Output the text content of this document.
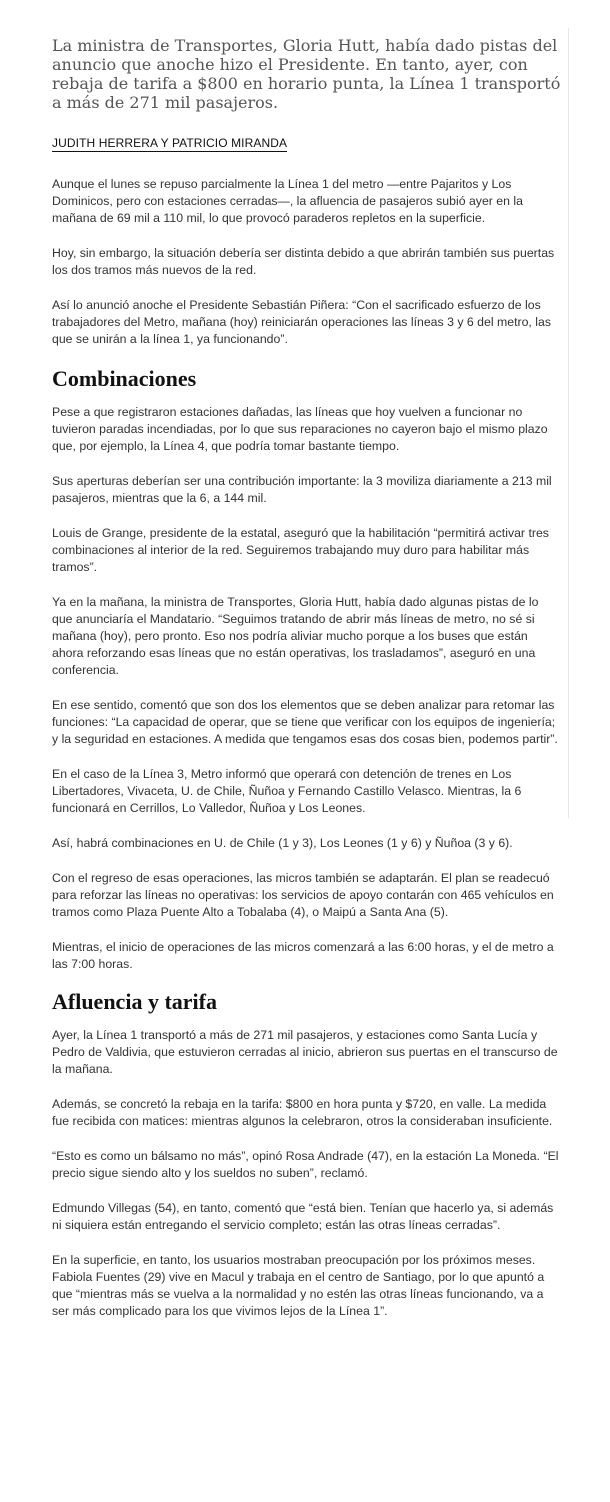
La ministra de Transportes, Gloria Hutt, había dado pistas del anuncio que anoche hizo el Presidente. En tanto, ayer, con rebaja de tarifa a $800 en horario punta, la Línea 1 transportó a más de 271 mil pasajeros.

JUDITH HERRERA Y PATRICIO MIRANDA

Aunque el lunes se repuso parcialmente la Línea 1 del metro —entre Pajaritos y Los Dominicos, pero con estaciones cerradas—, la afluencia de pasajeros subió ayer en la mañana de 69 mil a 110 mil, lo que provocó paraderos repletos en la superficie.

Hoy, sin embargo, la situación debería ser distinta debido a que abrirán también sus puertas los dos tramos más nuevos de la red.

Así lo anunció anoche el Presidente Sebastián Piñera: “Con el sacrificado esfuerzo de los trabajadores del Metro, mañana (hoy) reiniciarán operaciones las líneas 3 y 6 del metro, las que se unirán a la línea 1, ya funcionando”.

Combinaciones

Pese a que registraron estaciones dañadas, las líneas que hoy vuelven a funcionar no tuvieron paradas incendiadas, por lo que sus reparaciones no cayeron bajo el mismo plazo que, por ejemplo, la Línea 4, que podría tomar bastante tiempo.

Sus aperturas deberían ser una contribución importante: la 3 moviliza diariamente a 213 mil pasajeros, mientras que la 6, a 144 mil.

Louis de Grange, presidente de la estatal, aseguró que la habilitación “permitirá activar tres combinaciones al interior de la red. Seguiremos trabajando muy duro para habilitar más tramos”.

Ya en la mañana, la ministra de Transportes, Gloria Hutt, había dado algunas pistas de lo que anunciaría el Mandatario. “Seguimos tratando de abrir más líneas de metro, no sé si mañana (hoy), pero pronto. Eso nos podría aliviar mucho porque a los buses que están ahora reforzando esas líneas que no están operativas, los trasladamos”, aseguró en una conferencia.

En ese sentido, comentó que son dos los elementos que se deben analizar para retomar las funciones: “La capacidad de operar, que se tiene que verificar con los equipos de ingeniería; y la seguridad en estaciones. A medida que tengamos esas dos cosas bien, podemos partir”.

En el caso de la Línea 3, Metro informó que operará con detención de trenes en Los Libertadores, Vivaceta, U. de Chile, Ñuñoa y Fernando Castillo Velasco. Mientras, la 6 funcionará en Cerrillos, Lo Valledor, Ñuñoa y Los Leones.

Así, habrá combinaciones en U. de Chile (1 y 3), Los Leones (1 y 6) y Ñuñoa (3 y 6).

Con el regreso de esas operaciones, las micros también se adaptarán. El plan se readecuó para reforzar las líneas no operativas: los servicios de apoyo contarán con 465 vehículos en tramos como Plaza Puente Alto a Tobalaba (4), o Maipú a Santa Ana (5).

Mientras, el inicio de operaciones de las micros comenzará a las 6:00 horas, y el de metro a las 7:00 horas.

Afluencia y tarifa

Ayer, la Línea 1 transportó a más de 271 mil pasajeros, y estaciones como Santa Lucía y Pedro de Valdivia, que estuvieron cerradas al inicio, abrieron sus puertas en el transcurso de la mañana.

Además, se concretó la rebaja en la tarifa: $800 en hora punta y $720, en valle. La medida fue recibida con matices: mientras algunos la celebraron, otros la consideraban insuficiente.

“Esto es como un bálsamo no más”, opinó Rosa Andrade (47), en la estación La Moneda. “El precio sigue siendo alto y los sueldos no suben”, reclamó.

Edmundo Villegas (54), en tanto, comentó que “está bien. Tenían que hacerlo ya, si además ni siquiera están entregando el servicio completo; están las otras líneas cerradas”.

En la superficie, en tanto, los usuarios mostraban preocupación por los próximos meses. Fabiola Fuentes (29) vive en Macul y trabaja en el centro de Santiago, por lo que apuntó a que “mientras más se vuelva a la normalidad y no estén las otras líneas funcionando, va a ser más complicado para los que vivimos lejos de la Línea 1”.
